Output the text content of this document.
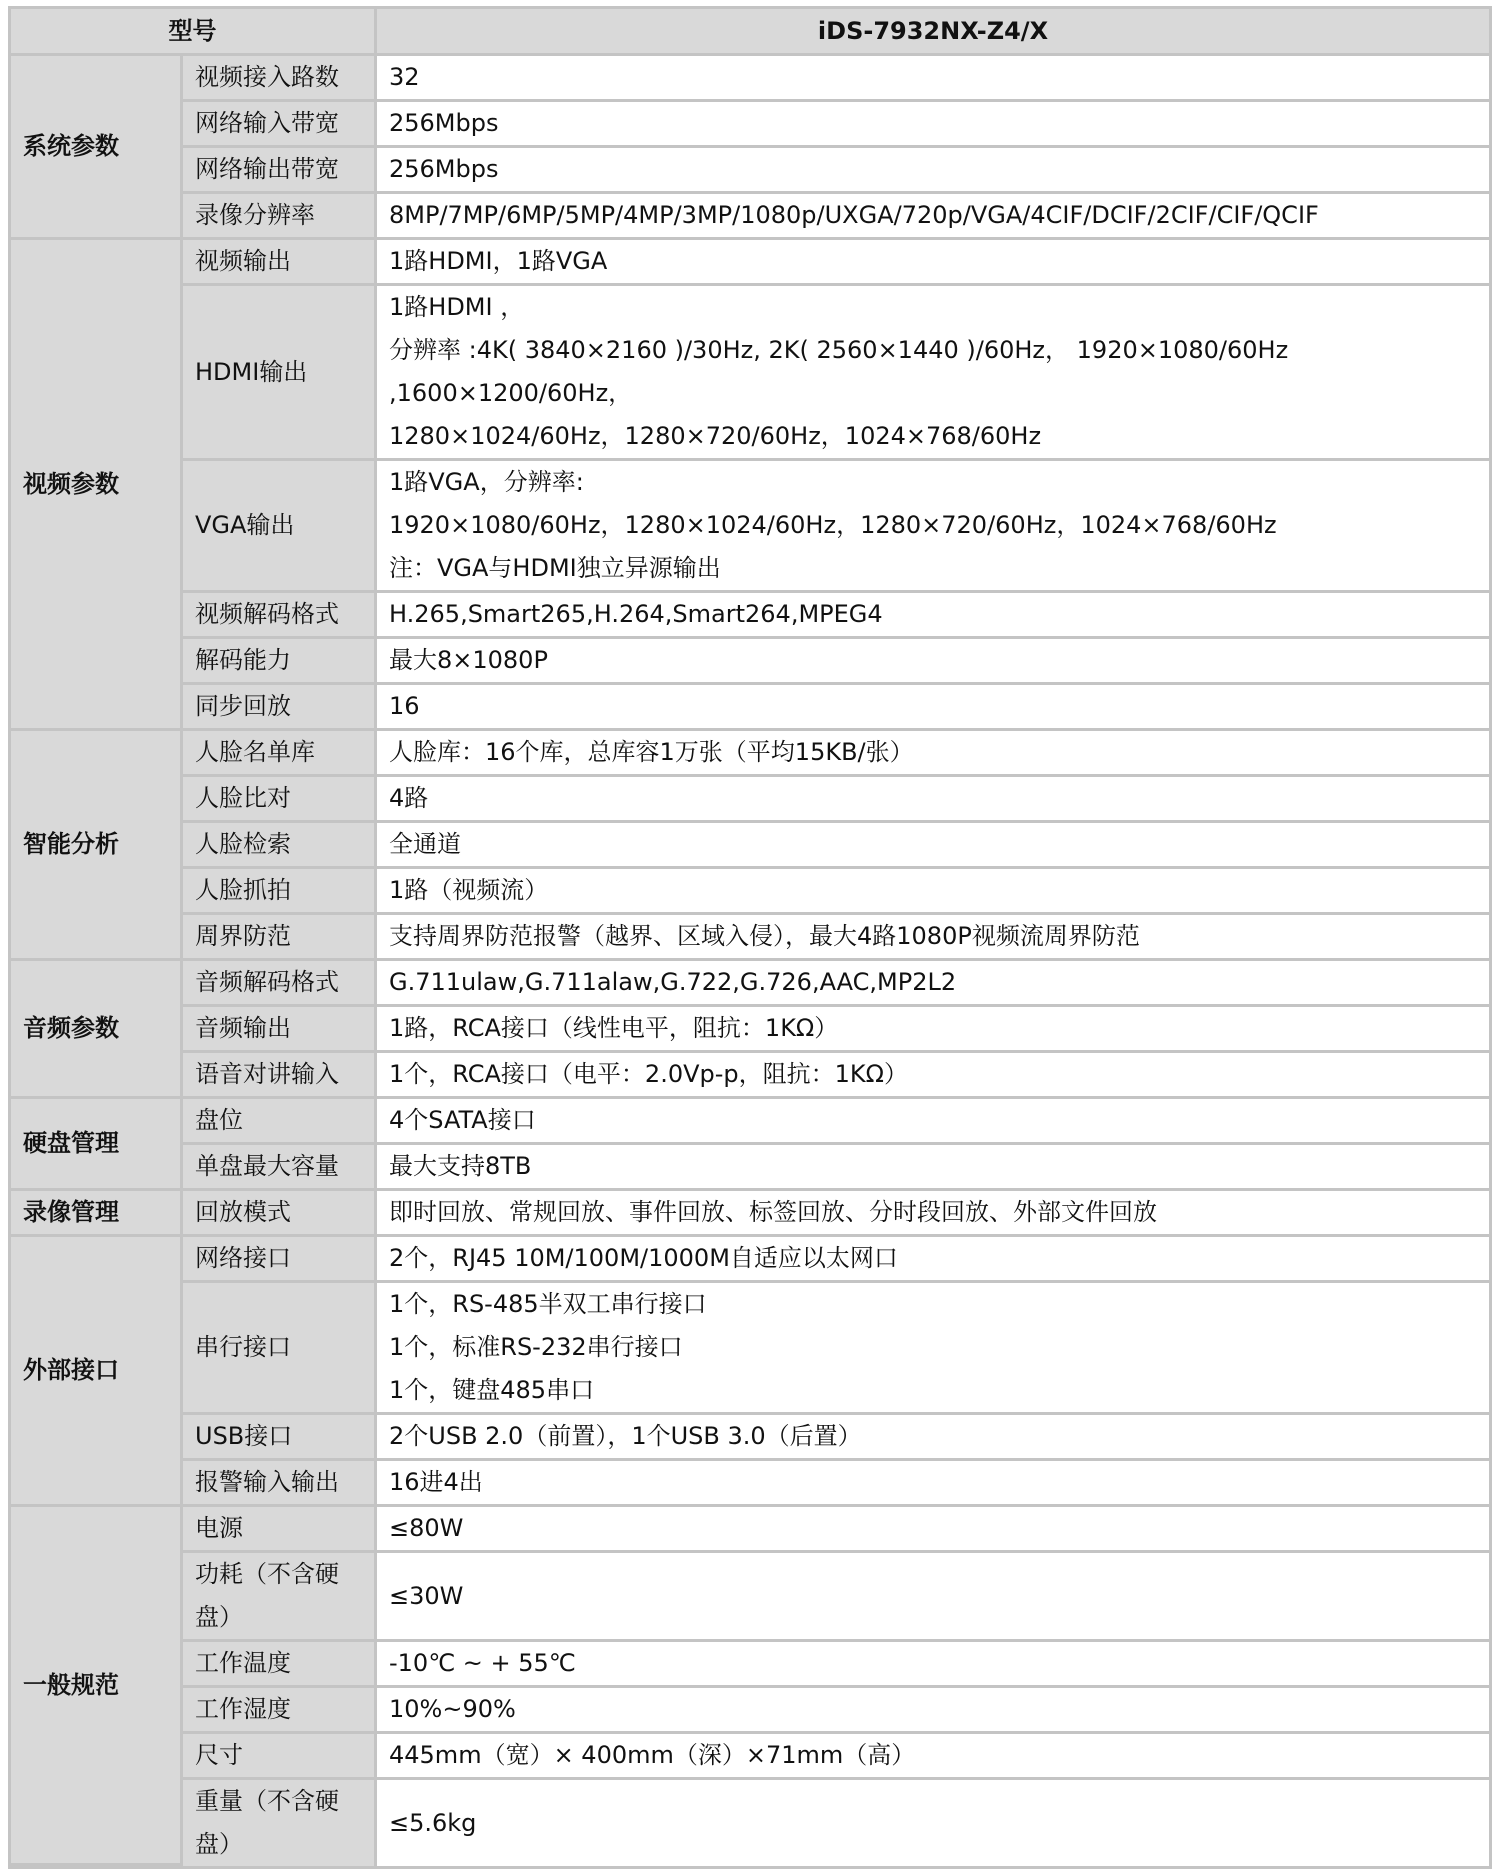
型号		iDS-7932NX-Z4/X
系统参数	视频接入路数	32

	网络输入带宽	256Mbps

	网络输出带宽	256Mbps

	录像分辨率	8MP/7MP/6MP/5MP/4MP/3MP/1080p/UXGA/720p/VGA/4CIF/DCIF/2CIF/CIF/QCIF

视频参数	视频输出	1路HDMI，1路VGA

	HDMI输出	1路HDMI ，
分辨率 :4K( 3840×2160 )/30Hz, 2K( 2560×1440 )/60Hz， 1920×1080/60Hz ,1600×1200/60Hz，
1280×1024/60Hz，1280×720/60Hz，1024×768/60Hz

	VGA输出	1路VGA，分辨率:
1920×1080/60Hz，1280×1024/60Hz，1280×720/60Hz，1024×768/60Hz
注：VGA与HDMI独立异源输出

	视频解码格式	H.265,Smart265,H.264,Smart264,MPEG4

	解码能力	最大8×1080P

	同步回放	16

智能分析	人脸名单库	人脸库：16个库，总库容1万张（平均15KB/张）

	人脸比对	4路

	人脸检索	全通道

	人脸抓拍	1路（视频流）

	周界防范	支持周界防范报警（越界、区域入侵），最大4路1080P视频流周界防范

音频参数	音频解码格式	G.711ulaw,G.711alaw,G.722,G.726,AAC,MP2L2

	音频输出	1路，RCA接口（线性电平，阻抗：1KΩ）

	语音对讲输入	1个，RCA接口（电平：2.0Vp-p，阻抗：1KΩ）

硬盘管理	盘位	4个SATA接口

	单盘最大容量	最大支持8TB

录像管理	回放模式	即时回放、常规回放、事件回放、标签回放、分时段回放、外部文件回放

外部接口	网络接口	2个，RJ45 10M/100M/1000M自适应以太网口

	串行接口	1个，RS-485半双工串行接口
1个，标准RS-232串行接口
1个，键盘485串口

	USB接口	2个USB 2.0（前置），1个USB 3.0（后置）

	报警输入输出	16进4出

一般规范	电源	≤80W

	功耗（不含硬盘）	≤30W

	工作温度	-10℃ ~ + 55℃

	工作湿度	10%~90%

	尺寸	445mm（宽）× 400mm（深）×71mm（高）

	重量（不含硬盘）	≤5.6kg
